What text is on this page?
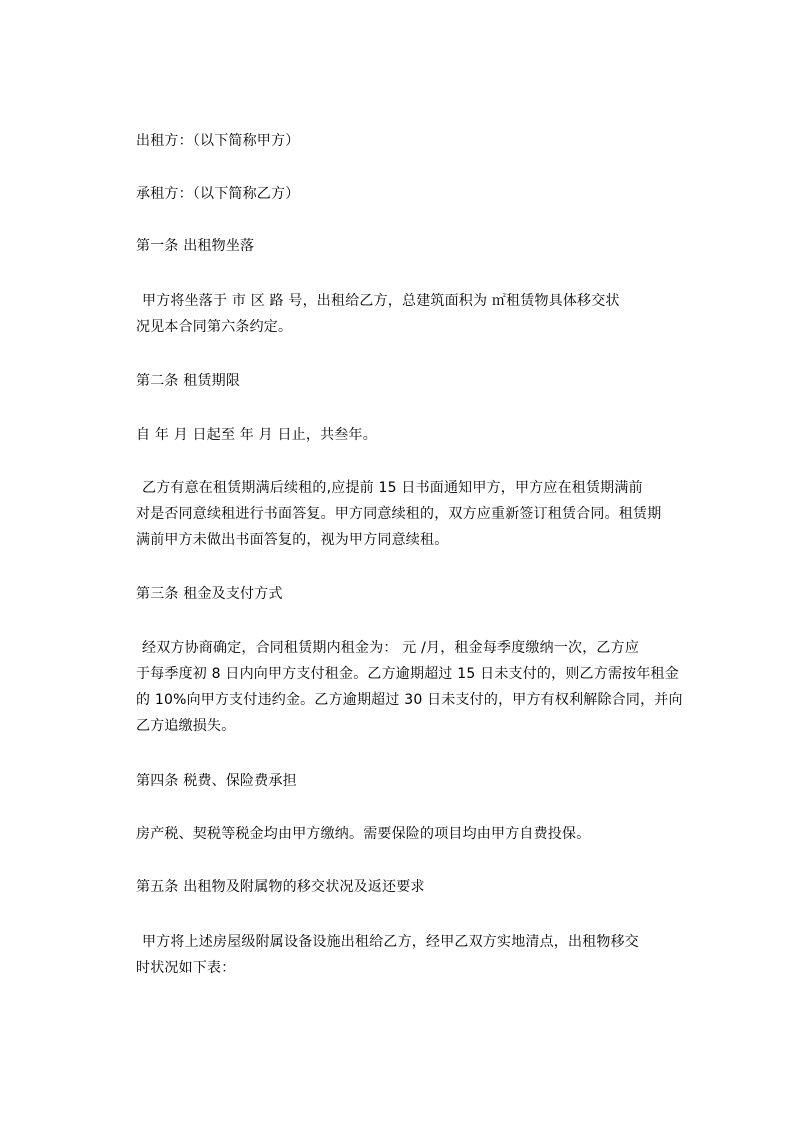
出租方：（以下简称甲方）
承租方：（以下简称乙方）
第一条 出租物坐落
甲方将坐落于 市 区 路 号，出租给乙方，总建筑面积为 ㎡租赁物具体移交状
况见本合同第六条约定。
第二条 租赁期限
自 年 月 日起至 年 月 日止，共叁年。
乙方有意在租赁期满后续租的,应提前 15 日书面通知甲方，甲方应在租赁期满前
对是否同意续租进行书面答复。甲方同意续租的，双方应重新签订租赁合同。租赁期
满前甲方未做出书面答复的，视为甲方同意续租。
第三条 租金及支付方式
经双方协商确定，合同租赁期内租金为： 元 /月，租金每季度缴纳一次，乙方应
于每季度初 8 日内向甲方支付租金。乙方逾期超过 15 日未支付的，则乙方需按年租金
的 10%向甲方支付违约金。乙方逾期超过 30 日未支付的，甲方有权利解除合同，并向
乙方追缴损失。
第四条 税费、保险费承担
房产税、契税等税金均由甲方缴纳。需要保险的项目均由甲方自费投保。
第五条 出租物及附属物的移交状况及返还要求
甲方将上述房屋级附属设备设施出租给乙方，经甲乙双方实地清点，出租物移交
时状况如下表：
